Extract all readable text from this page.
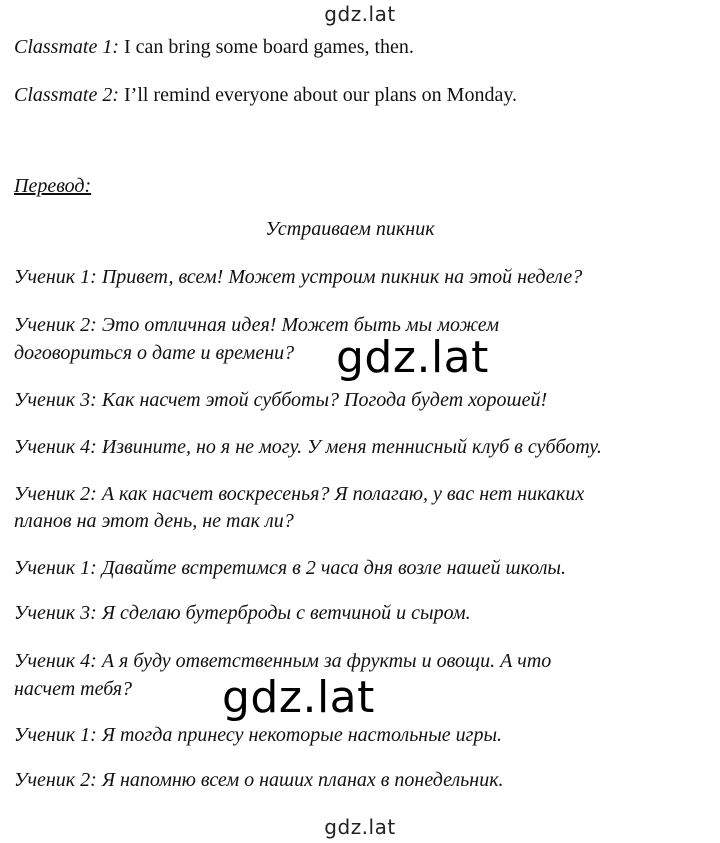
gdz.lat
Classmate 1: I can bring some board games, then.
Classmate 2: I’ll remind everyone about our plans on Monday.
Перевод:
Устраиваем пикник
Ученик 1: Привет, всем! Может устроим пикник на этой неделе?
Ученик 2: Это отличная идея! Может быть мы можем
договориться о дате и времени?
Ученик 3: Как насчет этой субботы? Погода будет хорошей!
Ученик 4: Извините, но я не могу. У меня теннисный клуб в субботу.
Ученик 2: А как насчет воскресенья? Я полагаю, у вас нет никаких
планов на этот день, не так ли?
Ученик 1: Давайте встретимся в 2 часа дня возле нашей школы.
Ученик 3: Я сделаю бутерброды с ветчиной и сыром.
Ученик 4: А я буду ответственным за фрукты и овощи. А что
насчет тебя?
Ученик 1: Я тогда принесу некоторые настольные игры.
Ученик 2: Я напомню всем о наших планах в понедельник.
gdz.lat
gdz.lat
gdz.lat
